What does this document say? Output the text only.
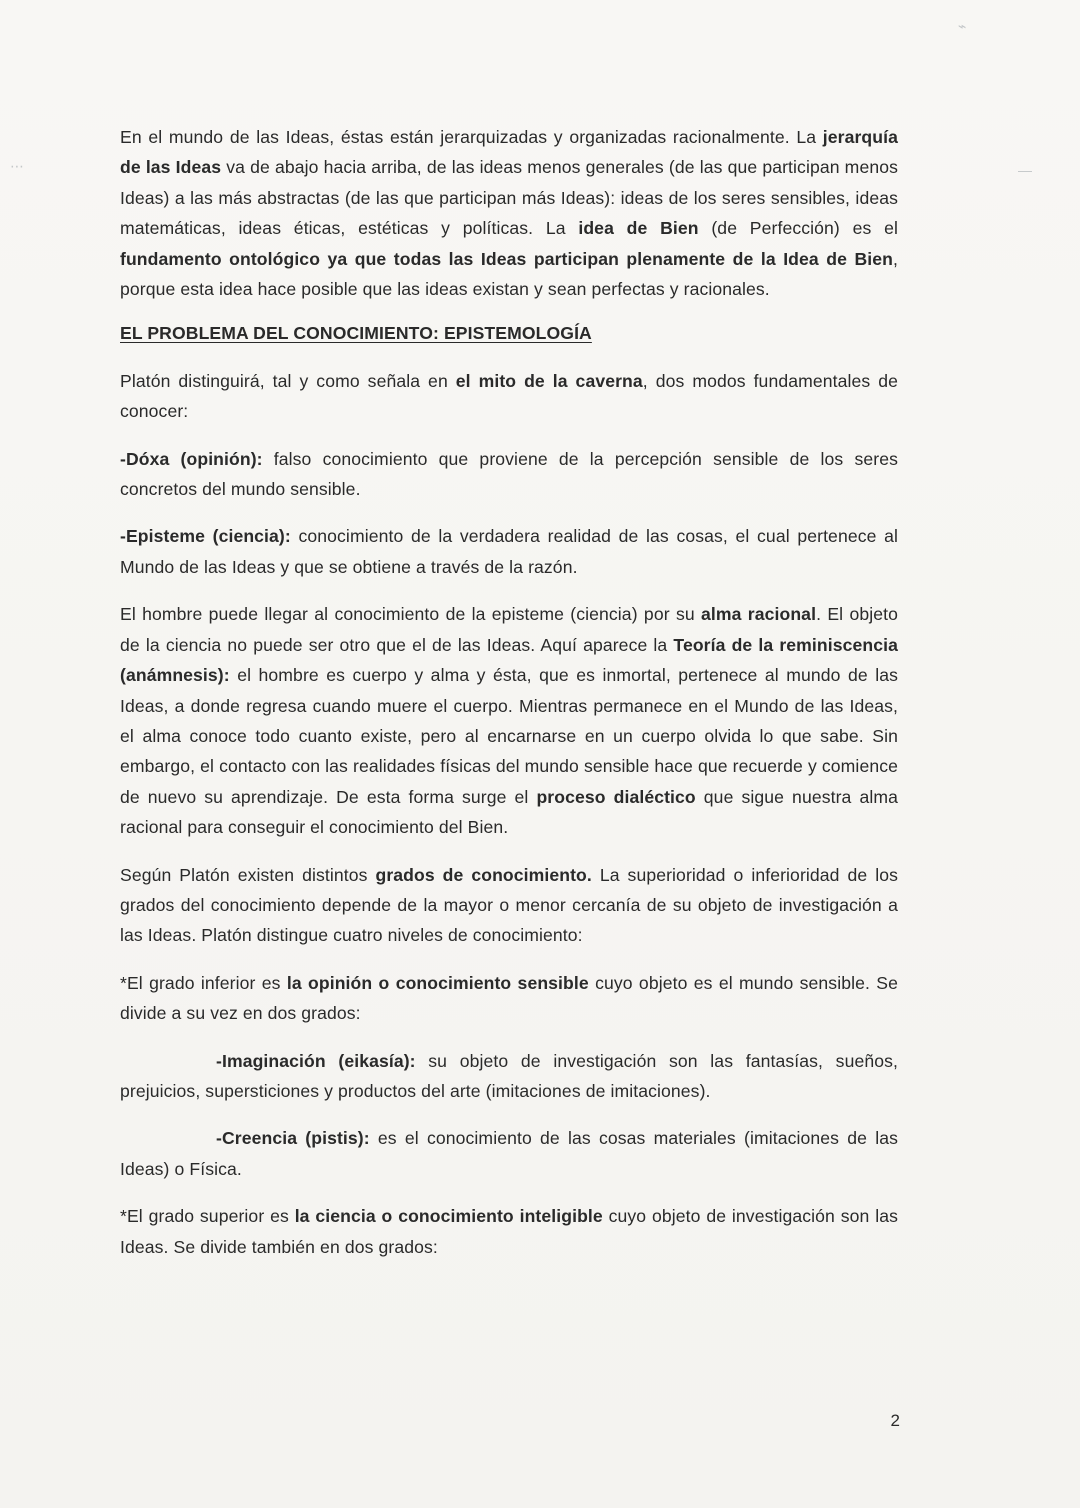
⌁
—
⋯

En el mundo de las Ideas, éstas están jerarquizadas y organizadas racionalmente. La jerarquía de las Ideas va de abajo hacia arriba, de las ideas menos generales (de las que participan menos Ideas) a las más abstractas (de las que participan más Ideas): ideas de los seres sensibles, ideas matemáticas, ideas éticas, estéticas y políticas. La idea de Bien (de Perfección) es el fundamento ontológico ya que todas las Ideas participan plenamente de la Idea de Bien, porque esta idea hace posible que las ideas existan y sean perfectas y racionales.

EL PROBLEMA DEL CONOCIMIENTO: EPISTEMOLOGÍA

Platón distinguirá, tal y como señala en el mito de la caverna, dos modos fundamentales de conocer:

-Dóxa (opinión): falso conocimiento que proviene de la percepción sensible de los seres concretos del mundo sensible.

-Episteme (ciencia): conocimiento de la verdadera realidad de las cosas, el cual pertenece al Mundo de las Ideas y que se obtiene a través de la razón.

El hombre puede llegar al conocimiento de la episteme (ciencia) por su alma racional. El objeto de la ciencia no puede ser otro que el de las Ideas. Aquí aparece la Teoría de la reminiscencia (anámnesis): el hombre es cuerpo y alma y ésta, que es inmortal, pertenece al mundo de las Ideas, a donde regresa cuando muere el cuerpo. Mientras permanece en el Mundo de las Ideas, el alma conoce todo cuanto existe, pero al encarnarse en un cuerpo olvida lo que sabe. Sin embargo, el contacto con las realidades físicas del mundo sensible hace que recuerde y comience de nuevo su aprendizaje. De esta forma surge el proceso dialéctico que sigue nuestra alma racional para conseguir el conocimiento del Bien.

Según Platón existen distintos grados de conocimiento. La superioridad o inferioridad de los grados del conocimiento depende de la mayor o menor cercanía de su objeto de investigación a las Ideas. Platón distingue cuatro niveles de conocimiento:

*El grado inferior es la opinión o conocimiento sensible cuyo objeto es el mundo sensible. Se divide a su vez en dos grados:

-Imaginación (eikasía): su objeto de investigación son las fantasías, sueños, prejuicios, supersticiones y productos del arte (imitaciones de imitaciones).

-Creencia (pistis): es el conocimiento de las cosas materiales (imitaciones de las Ideas) o Física.

*El grado superior es la ciencia o conocimiento inteligible cuyo objeto de investigación son las Ideas. Se divide también en dos grados:

2
